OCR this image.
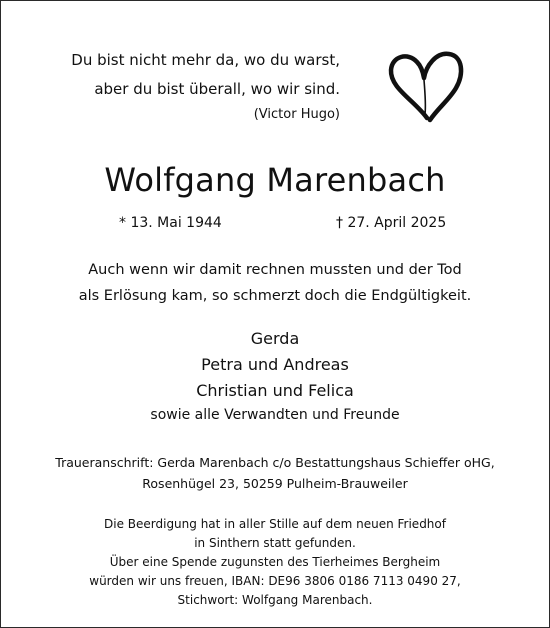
Du bist nicht mehr da, wo du warst,
aber du bist überall, wo wir sind.
(Victor Hugo)
Wolfgang Marenbach
* 13. Mai 1944	† 27. April 2025
Auch wenn wir damit rechnen mussten und der Tod
als Erlösung kam, so schmerzt doch die Endgültigkeit.
Gerda
Petra und Andreas
Christian und Felica
sowie alle Verwandten und Freunde
Traueranschrift: Gerda Marenbach c/o Bestattungshaus Schieffer oHG,
Rosenhügel 23, 50259 Pulheim-Brauweiler
Die Beerdigung hat in aller Stille auf dem neuen Friedhof
in Sinthern statt gefunden.
Über eine Spende zugunsten des Tierheimes Bergheim
würden wir uns freuen, IBAN: DE96 3806 0186 7113 0490 27,
Stichwort: Wolfgang Marenbach.
